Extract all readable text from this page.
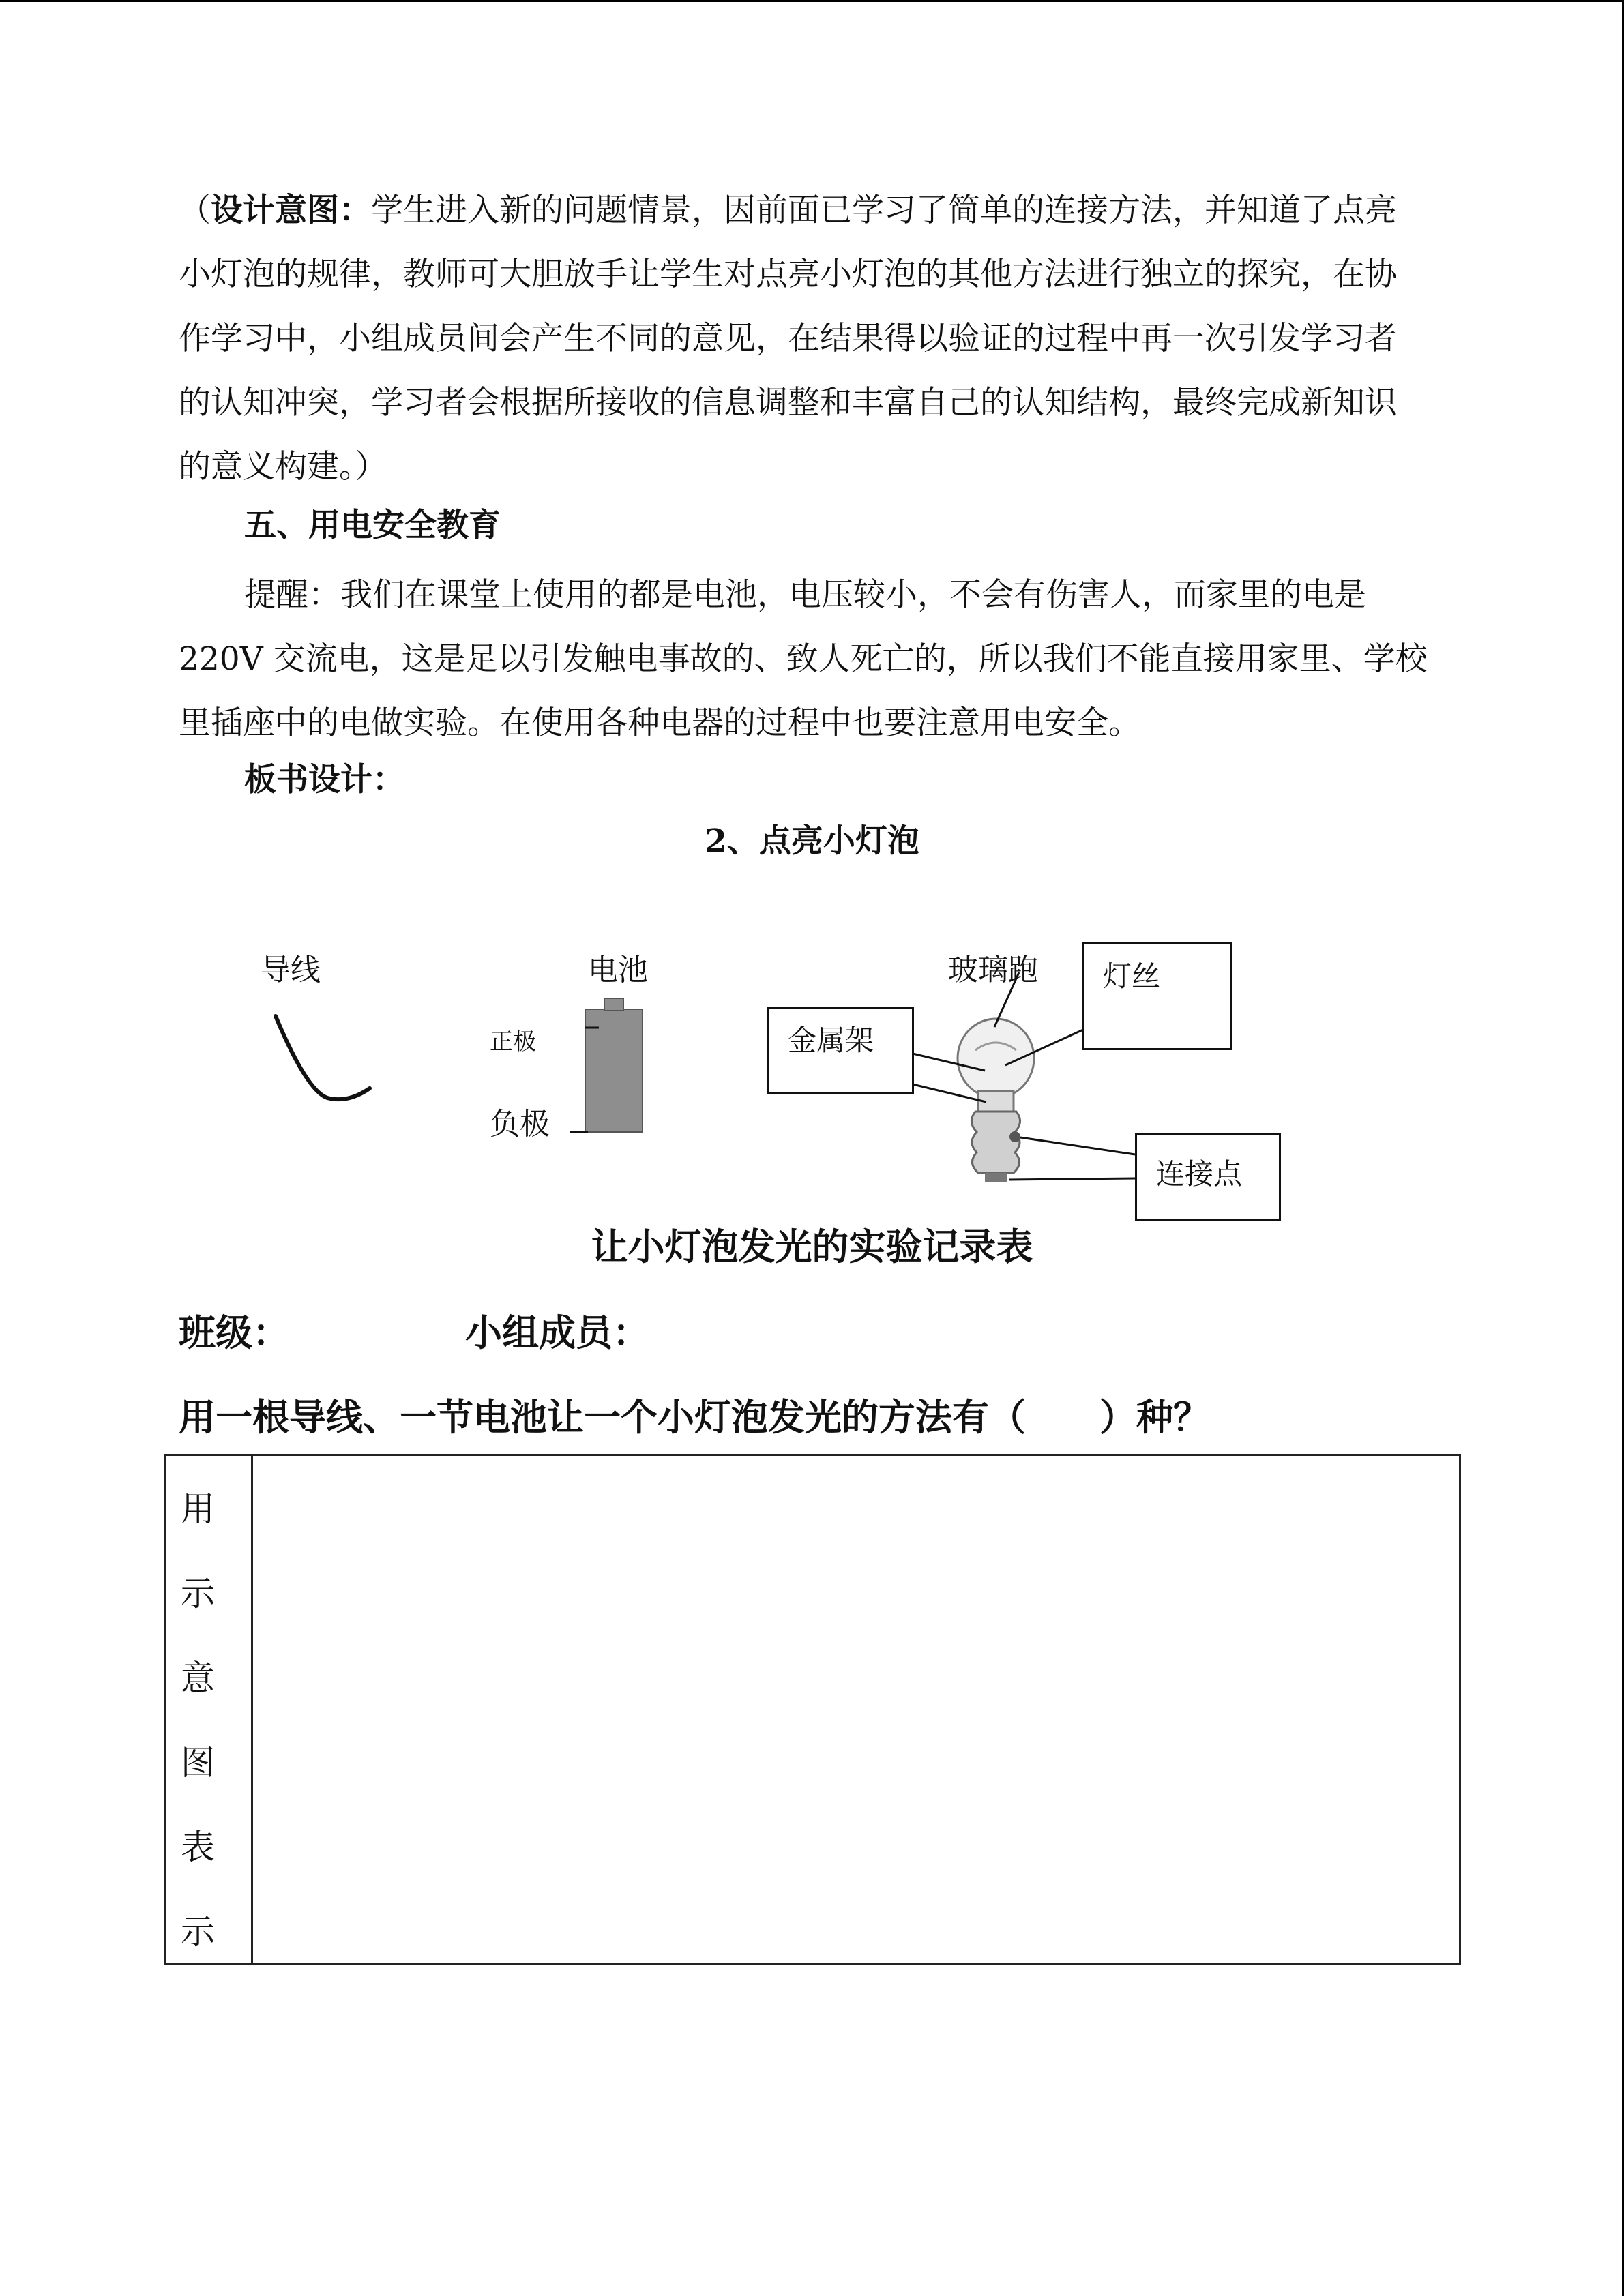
（设计意图：学生进入新的问题情景，因前面已学习了简单的连接方法，并知道了点亮

小灯泡的规律，教师可大胆放手让学生对点亮小灯泡的其他方法进行独立的探究，在协

作学习中，小组成员间会产生不同的意见，在结果得以验证的过程中再一次引发学习者

的认知冲突，学习者会根据所接收的信息调整和丰富自己的认知结构，最终完成新知识

的意义构建。）

五、用电安全教育

提醒：我们在课堂上使用的都是电池，电压较小，不会有伤害人，而家里的电是

220V 交流电，这是足以引发触电事故的、致人死亡的，所以我们不能直接用家里、学校

里插座中的电做实验。在使用各种电器的过程中也要注意用电安全。

板书设计：

2、点亮小灯泡

导线	电池
正极
负极
玻璃跑 灯丝
金属架
连接点

让小灯泡发光的实验记录表

班级：	小组成员：

用一根导线、一节电池让一个小灯泡发光的方法有（　　）种？

用
示
意
图
表
示
